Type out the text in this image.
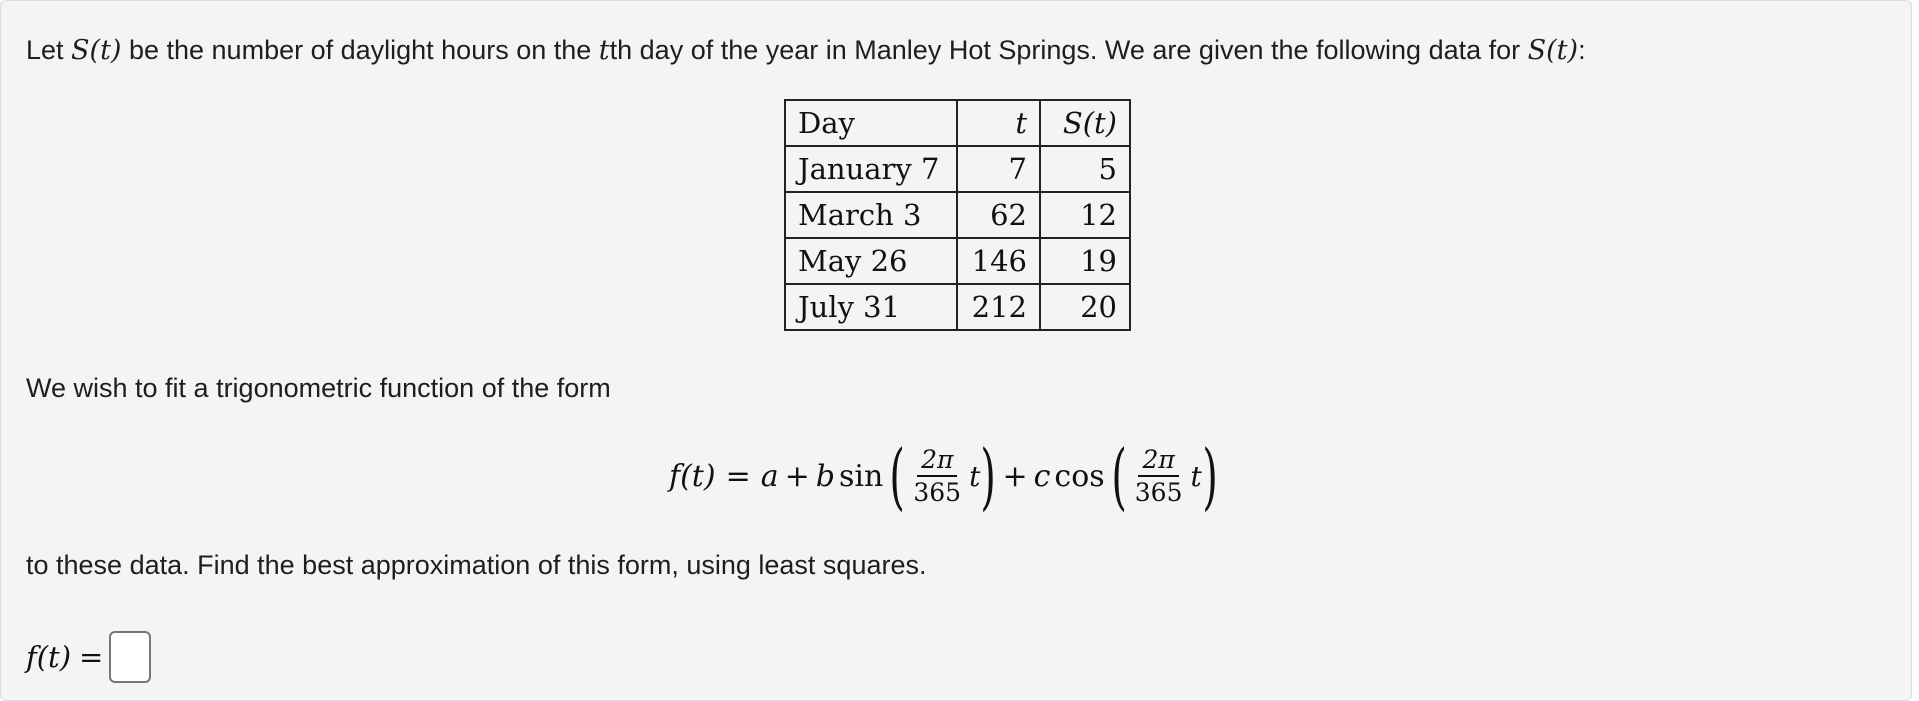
Let S(t) be the number of daylight hours on the tth day of the year in Manley Hot Springs. We are given the following data for S(t):
Day	t	S(t)
January 7	7	5
March 3	62	12
May 26	146	19
July 31	212	20
We wish to fit a trigonometric function of the form
f(t) = a + b sin ( $\frac{2\pi}{365}$ t ) + c cos ( $\frac{2\pi}{365}$ t )
to these data. Find the best approximation of this form, using least squares.
f(t) =
